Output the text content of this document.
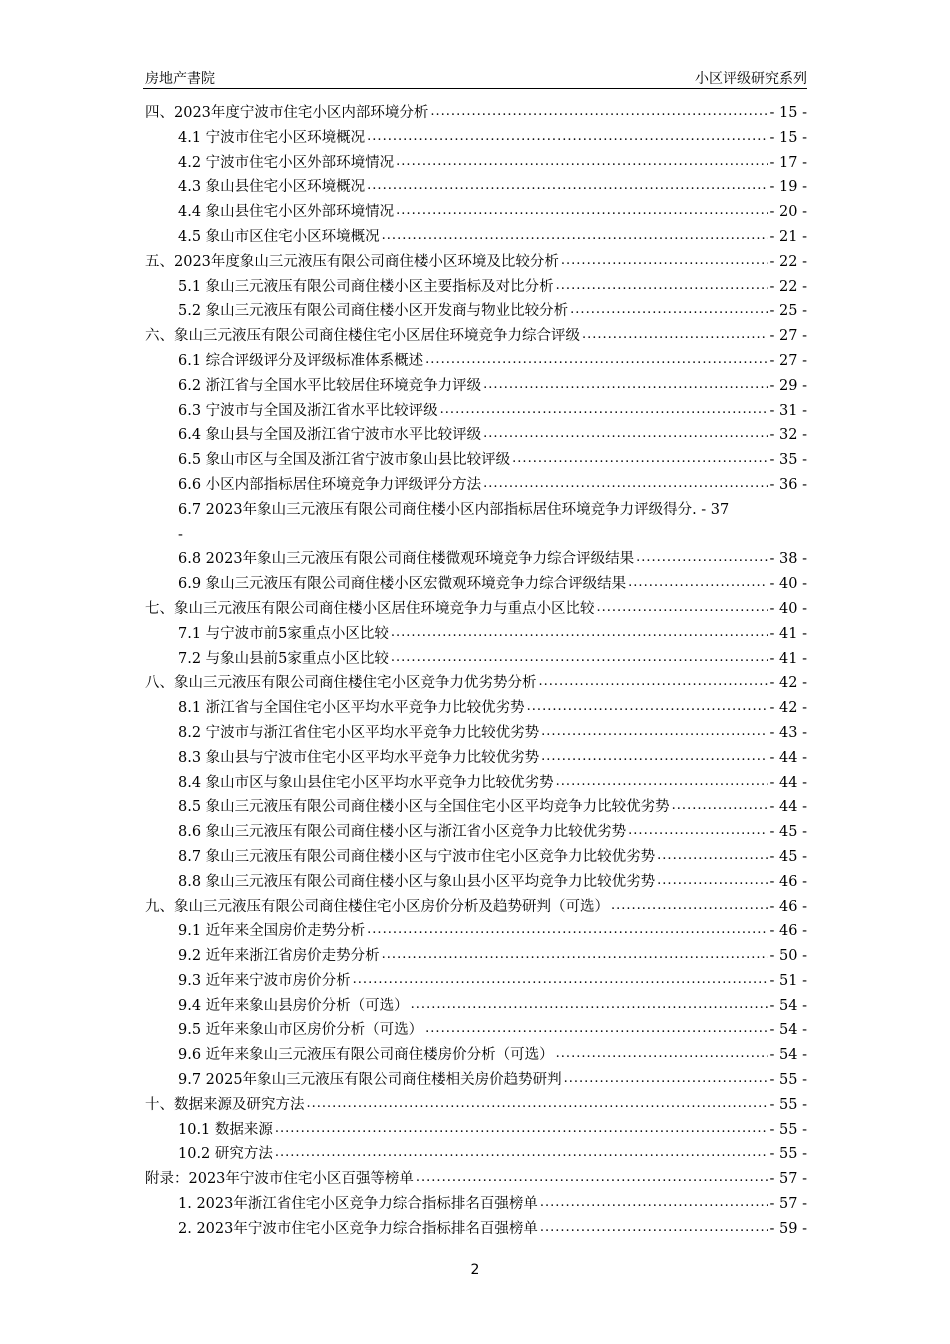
房地产書院	小区评级研究系列
四、2023年度宁波市住宅小区内部环境分析 .....	- 15 -
4.1 宁波市住宅小区环境概况 .....	- 15 -
4.2 宁波市住宅小区外部环境情况 .....	- 17 -
4.3 象山县住宅小区环境概况 .....	- 19 -
4.4 象山县住宅小区外部环境情况 .....	- 20 -
4.5 象山市区住宅小区环境概况 .....	- 21 -
五、2023年度象山三元液压有限公司商住楼小区环境及比较分析 .....	- 22 -
5.1 象山三元液压有限公司商住楼小区主要指标及对比分析 .....	- 22 -
5.2 象山三元液压有限公司商住楼小区开发商与物业比较分析 .....	- 25 -
六、象山三元液压有限公司商住楼住宅小区居住环境竞争力综合评级 .....	- 27 -
6.1 综合评级评分及评级标准体系概述 .....	- 27 -
6.2 浙江省与全国水平比较居住环境竞争力评级 .....	- 29 -
6.3 宁波市与全国及浙江省水平比较评级 .....	- 31 -
6.4 象山县与全国及浙江省宁波市水平比较评级 .....	- 32 -
6.5 象山市区与全国及浙江省宁波市象山县比较评级 .....	- 35 -
6.6 小区内部指标居住环境竞争力评级评分方法 .....	- 36 -
6.7 2023年象山三元液压有限公司商住楼小区内部指标居住环境竞争力评级得分 . - 37
-
6.8 2023年象山三元液压有限公司商住楼微观环境竞争力综合评级结果 .....	- 38 -
6.9 象山三元液压有限公司商住楼小区宏微观环境竞争力综合评级结果 .....	- 40 -
七、象山三元液压有限公司商住楼小区居住环境竞争力与重点小区比较 .....	- 40 -
7.1 与宁波市前5家重点小区比较 .....	- 41 -
7.2 与象山县前5家重点小区比较 .....	- 41 -
八、象山三元液压有限公司商住楼住宅小区竞争力优劣势分析 .....	- 42 -
8.1 浙江省与全国住宅小区平均水平竞争力比较优劣势 .....	- 42 -
8.2 宁波市与浙江省住宅小区平均水平竞争力比较优劣势 .....	- 43 -
8.3 象山县与宁波市住宅小区平均水平竞争力比较优劣势 .....	- 44 -
8.4 象山市区与象山县住宅小区平均水平竞争力比较优劣势 .....	- 44 -
8.5 象山三元液压有限公司商住楼小区与全国住宅小区平均竞争力比较优劣势 .....	- 44 -
8.6 象山三元液压有限公司商住楼小区与浙江省小区竞争力比较优劣势 .....	- 45 -
8.7 象山三元液压有限公司商住楼小区与宁波市住宅小区竞争力比较优劣势 .....	- 45 -
8.8 象山三元液压有限公司商住楼小区与象山县小区平均竞争力比较优劣势 .....	- 46 -
九、象山三元液压有限公司商住楼住宅小区房价分析及趋势研判（可选） .....	- 46 -
9.1 近年来全国房价走势分析 .....	- 46 -
9.2 近年来浙江省房价走势分析 .....	- 50 -
9.3 近年来宁波市房价分析 .....	- 51 -
9.4 近年来象山县房价分析（可选） .....	- 54 -
9.5 近年来象山市区房价分析（可选） .....	- 54 -
9.6 近年来象山三元液压有限公司商住楼房价分析（可选） .....	- 54 -
9.7 2025年象山三元液压有限公司商住楼相关房价趋势研判 .....	- 55 -
十、数据来源及研究方法 .....	- 55 -
10.1 数据来源 .....	- 55 -
10.2 研究方法 .....	- 55 -
附录：2023年宁波市住宅小区百强等榜单 .....	- 57 -
1. 2023年浙江省住宅小区竞争力综合指标排名百强榜单 .....	- 57 -
2. 2023年宁波市住宅小区竞争力综合指标排名百强榜单 .....	- 59 -
2
